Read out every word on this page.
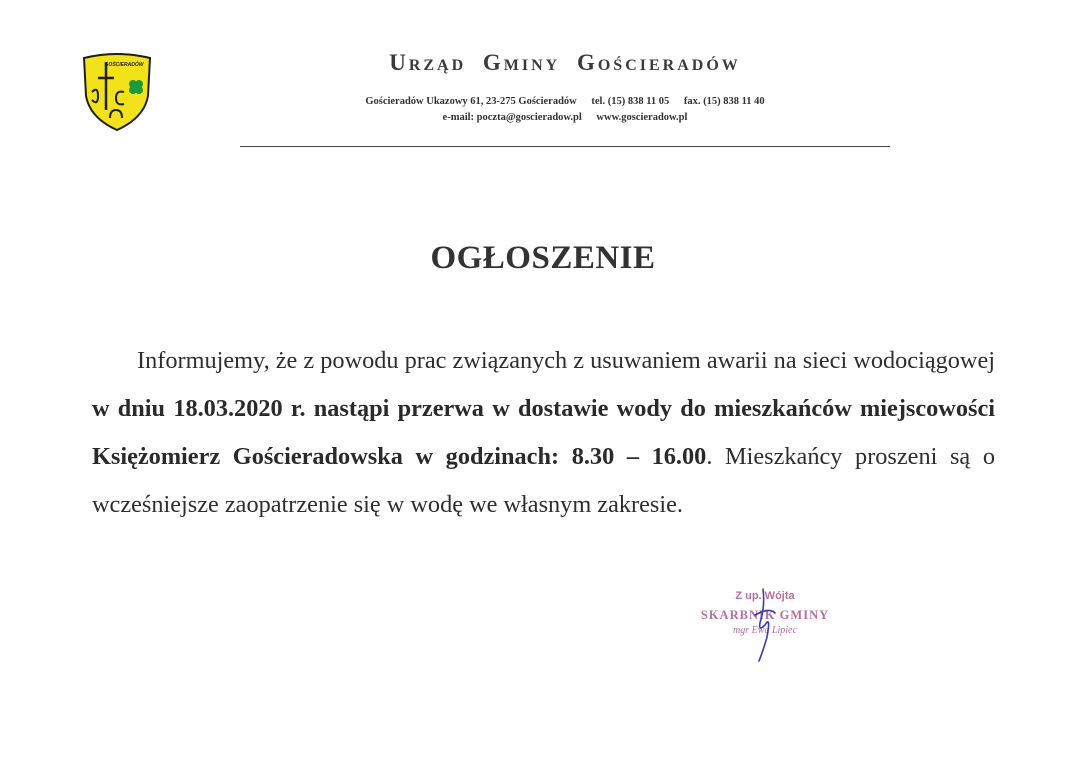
GOŚCIERADÓW	Urząd Gminy Gościeradów
Gościeradów Ukazowy 61, 23-275 Gościeradów tel. (15) 838 11 05 fax. (15) 838 11 40
e-mail: poczta@goscieradow.pl www.goscieradow.pl
OGŁOSZENIE

Informujemy, że z powodu prac związanych z usuwaniem awarii na sieci wodociągowej w dniu 18.03.2020 r. nastąpi przerwa w dostawie wody do mieszkańców miejscowości Księżomierz Gościeradowska w godzinach: 8.30 – 16.00. Mieszkańcy proszeni są o wcześniejsze zaopatrzenie się w wodę we własnym zakresie.

Z up. Wójta
SKARBNIK GMINY
mgr Ewa Lipiec
